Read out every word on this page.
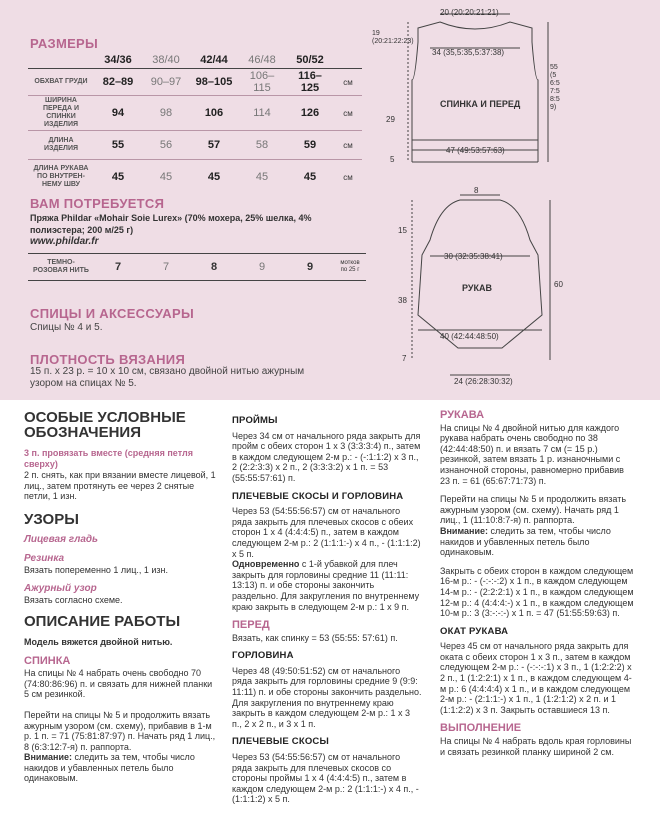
РАЗМЕРЫ
	34/36	38/40	42/44	46/48	50/52	
ОБХВАТ ГРУДИ	82–89	90–97	98–105	106–115	116–125	см
ШИРИНА ПЕРЕДА И СПИНКИ ИЗДЕЛИЯ	94	98	106	114	126	см
ДЛИНА ИЗДЕЛИЯ	55	56	57	58	59	см
ДЛИНА РУКАВА ПО ВНУТРЕН-НЕМУ ШВУ	45	45	45	45	45	см
ВАМ ПОТРЕБУЕТСЯ
Пряжа Phildar «Mohair Soie Lurex» (70% мохера, 25% шелка, 4% полиэстера; 200 м/25 г)
www.phildar.fr
ТЕМНО-РОЗОВАЯ НИТЬ	7	7	8	9	9	мотков по 25 г
СПИЦЫ И АКСЕССУАРЫ
Спицы № 4 и 5.
ПЛОТНОСТЬ ВЯЗАНИЯ
15 п. х 23 р. = 10 х 10 см, связано двойной нитью ажурным узором на спицах № 5.
20 (20:20:21:21)
34 (35,5:35,5:37:38)
СПИНКА И ПЕРЕД
47 (49:53:57:63)
19 (20:21:22:23)
29
5
55 (56:57:58:59)
8
15
30 (32:35:38:41)
РУКАВ
38
60
40 (42:44:48:50)
24 (26:28:30:32)
7
ОСОБЫЕ УСЛОВНЫЕ ОБОЗНАЧЕНИЯ
3 п. провязать вместе (средняя петля сверху)

2 п. снять, как при вязании вместе лицевой, 1 лиц., затем протянуть ее через 2 снятые петли, 1 изн.

УЗОРЫ
Лицевая гладь
Резинка

Вязать попеременно 1 лиц., 1 изн.

Ажурный узор

Вязать согласно схеме.

ОПИСАНИЕ РАБОТЫ

Модель вяжется двойной нитью.

СПИНКА

На спицы № 4 набрать очень свободно 70 (74:80:86:96) п. и связать для нижней планки 5 см резинкой.

Перейти на спицы № 5 и продолжить вязать ажурным узором (см. схему), прибавив в 1-м р. 1 п. = 71 (75:81:87:97) п. Начать ряд 1 лиц., 8 (6:3:12:7-я) п. раппорта.

Внимание: следить за тем, чтобы число накидов и убавленных петель было одинаковым.

ПРОЙМЫ

Через 34 см от начального ряда закрыть для пройм с обеих сторон 1 х 3 (3:3:3:4) п., затем в каждом следующем 2-м р.: - (-:1:1:2) х 3 п., 2 (2:2:3:3) х 2 п., 2 (3:3:3:2) х 1 п. = 53 (55:55:57:61) п.

ПЛЕЧЕВЫЕ СКОСЫ И ГОРЛОВИНА

Через 53 (54:55:56:57) см от начального ряда закрыть для плечевых скосов с обеих сторон 1 х 4 (4:4:4:5) п., затем в каждом следующем 2-м р.: 2 (1:1:1:-) х 4 п., - (1:1:1:2) х 5 п.

Одновременно с 1-й убавкой для плеч закрыть для горловины средние 11 (11:11: 13:13) п. и обе стороны закончить раздельно. Для закругления по внутреннему краю закрыть в следующем 2-м р.: 1 х 9 п.

ПЕРЕД

Вязать, как спинку = 53 (55:55: 57:61) п.

ГОРЛОВИНА

Через 48 (49:50:51:52) см от начального ряда закрыть для горловины средние 9 (9:9: 11:11) п. и обе стороны закончить раздельно. Для закругления по внутреннему краю закрыть в каждом следующем 2-м р.: 1 х 3 п., 2 х 2 п., и 3 х 1 п.

ПЛЕЧЕВЫЕ СКОСЫ

Через 53 (54:55:56:57) см от начального ряда закрыть для плечевых скосов со стороны проймы 1 х 4 (4:4:4:5) п., затем в каждом следующем 2-м р.: 2 (1:1:1:-) х 4 п., - (1:1:1:2) х 5 п.

РУКАВА

На спицы № 4 двойной нитью для каждого рукава набрать очень свободно по 38 (42:44:48:50) п. и вязать 7 см (= 15 р.) резинкой, затем вязать 1 р. изнаночными с изнаночной стороны, равномерно прибавив 23 п. = 61 (65:67:71:73) п.

Перейти на спицы № 5 и продолжить вязать ажурным узором (см. схему). Начать ряд 1 лиц., 1 (11:10:8:7-я) п. раппорта.

Внимание: следить за тем, чтобы число накидов и убавленных петель было одинаковым.

Закрыть с обеих сторон в каждом следующем 16-м р.: - (-:-:-:2) х 1 п., в каждом следующем 14-м р.: - (2:2:2:1) х 1 п., в каждом следующем 12-м р.: 4 (4:4:4:-) х 1 п., в каждом следующем 10-м р.: 3 (3:-:-:-) х 1 п. = 47 (51:55:59:63) п.

ОКАТ РУКАВА

Через 45 см от начального ряда закрыть для оката с обеих сторон 1 х 3 п., затем в каждом следующем 2-м р.: - (-:-:-:1) х 3 п., 1 (1:2:2:2) х 2 п., 1 (1:2:2:1) х 1 п., в каждом следующем 4-м р.: 6 (4:4:4:4) х 1 п., и в каждом следующем 2-м р.: - (2:1:1:-) х 1 п., 1 (1:2:1:2) х 2 п. и 1 (1:1:2:2) х 3 п. Закрыть оставшиеся 13 п.

ВЫПОЛНЕНИЕ

На спицы № 4 набрать вдоль края горловины и связать резинкой планку шириной 2 см.
